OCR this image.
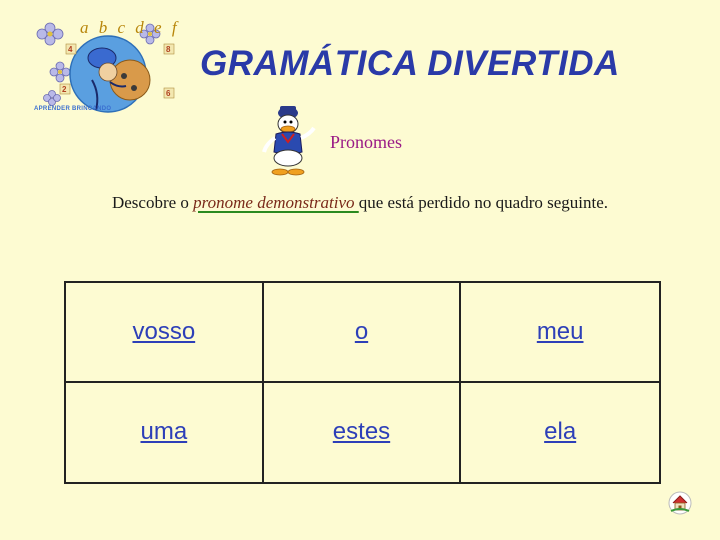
4	8
2	6
a b c d e f
APRENDER BRINCANDO
GRAMÁTICA DIVERTIDA
Pronomes
Descobre o pronome demonstrativo que está perdido no quadro seguinte.
vosso	o	meu
uma	estes	ela
